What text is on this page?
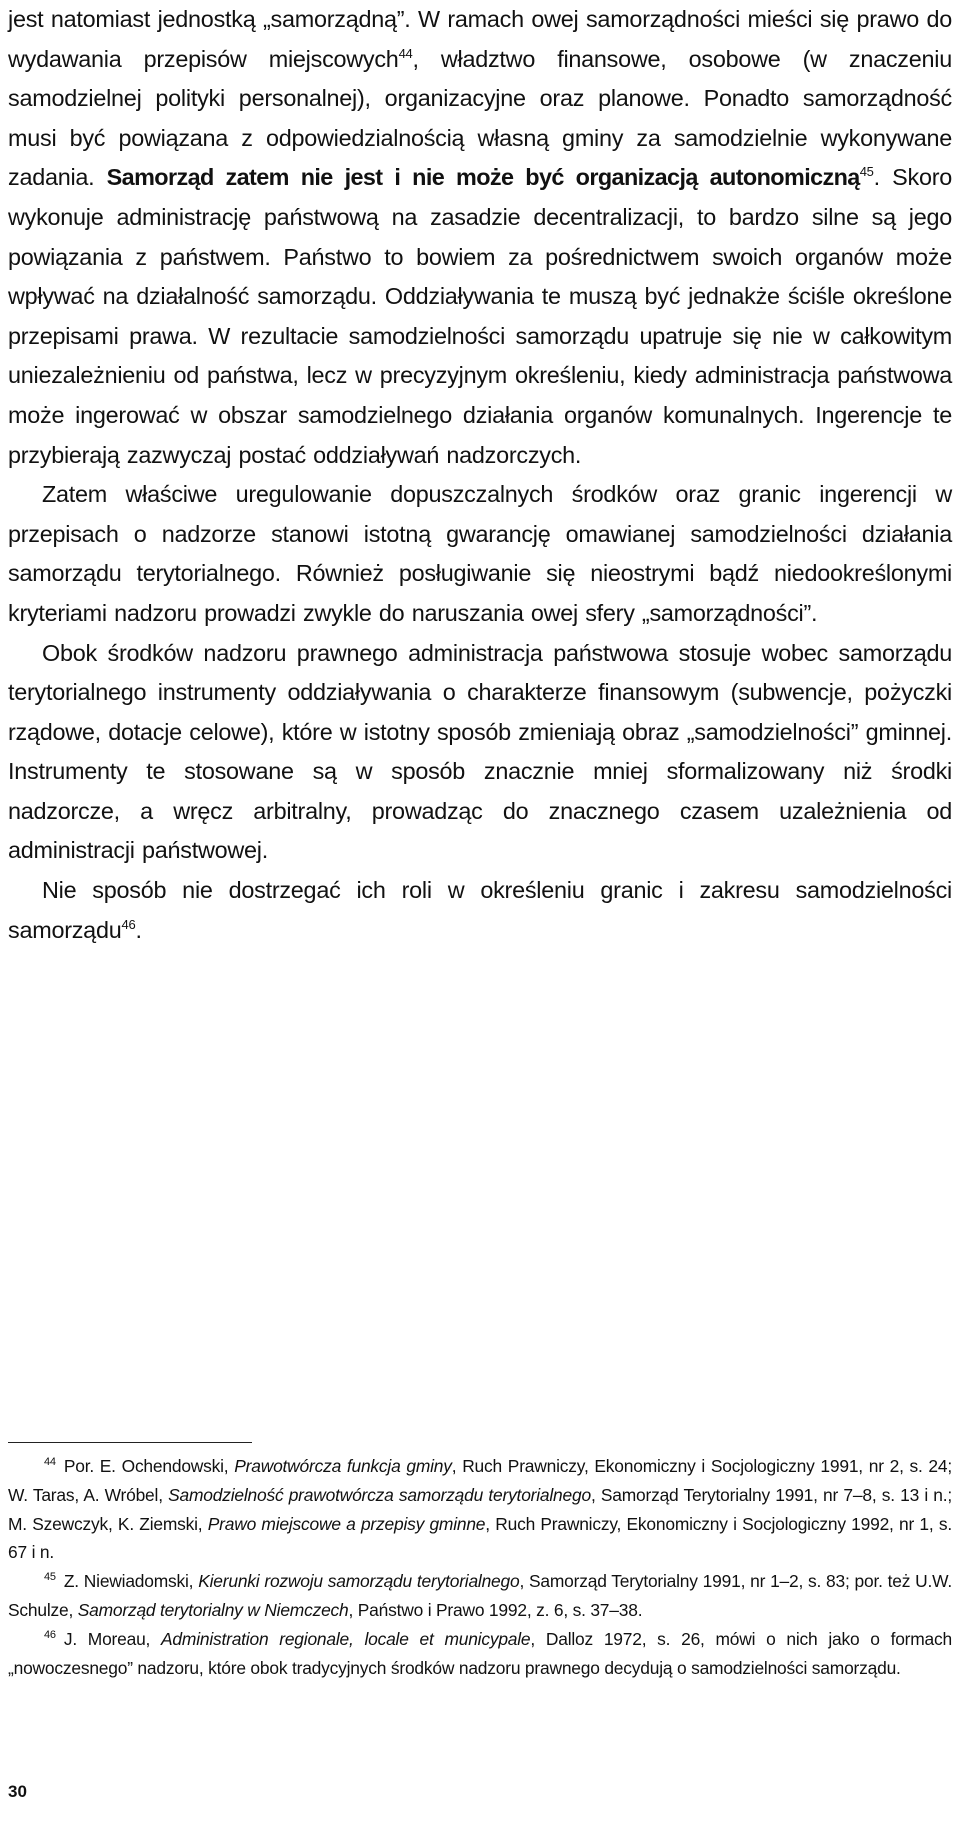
jest natomiast jednostką „samorządną”. W ramach owej samorządności mieści się prawo do wydawania przepisów miejscowych$^{44}$, władztwo finansowe, osobowe (w znaczeniu samodzielnej polityki personalnej), organizacyjne oraz planowe. Ponadto samorządność musi być powiązana z odpowiedzialnością własną gminy za samodzielnie wykonywane zadania. Samorząd zatem nie jest i nie może być organizacją autonomiczną$^{45}$. Skoro wykonuje administrację państwową na zasadzie decentralizacji, to bardzo silne są jego powiązania z państwem. Państwo to bowiem za pośrednictwem swoich organów może wpływać na działalność samorządu. Oddziaływania te muszą być jednakże ściśle określone przepisami prawa. W rezultacie samodzielności samorządu upatruje się nie w całkowitym uniezależnieniu od państwa, lecz w precyzyjnym określeniu, kiedy administracja państwowa może ingerować w obszar samodzielnego działania organów komunalnych. Ingerencje te przybierają zazwyczaj postać oddziaływań nadzorczych.

Zatem właściwe uregulowanie dopuszczalnych środków oraz granic ingerencji w przepisach o nadzorze stanowi istotną gwarancję omawianej samodzielności działania samorządu terytorialnego. Również posługiwanie się nieostrymi bądź niedookreślonymi kryteriami nadzoru prowadzi zwykle do naruszania owej sfery „samorządności”.

Obok środków nadzoru prawnego administracja państwowa stosuje wobec samorządu terytorialnego instrumenty oddziaływania o charakterze finansowym (subwencje, pożyczki rządowe, dotacje celowe), które w istotny sposób zmieniają obraz „samodzielności” gminnej. Instrumenty te stosowane są w sposób znacznie mniej sformalizowany niż środki nadzorcze, a wręcz arbitralny, prowadząc do znacznego czasem uzależnienia od administracji państwowej.

Nie sposób nie dostrzegać ich roli w określeniu granic i zakresu samodzielności samorządu$^{46}$.

$^{44}$ Por. E. Ochendowski, Prawotwórcza funkcja gminy, Ruch Prawniczy, Ekonomiczny i Socjologiczny 1991, nr 2, s. 24; W. Taras, A. Wróbel, Samodzielność prawotwórcza samorządu terytorialnego, Samorząd Terytorialny 1991, nr 7–8, s. 13 i n.; M. Szewczyk, K. Ziemski, Prawo miejscowe a przepisy gminne, Ruch Prawniczy, Ekonomiczny i Socjologiczny 1992, nr 1, s. 67 i n.

$^{45}$ Z. Niewiadomski, Kierunki rozwoju samorządu terytorialnego, Samorząd Terytorialny 1991, nr 1–2, s. 83; por. też U.W. Schulze, Samorząd terytorialny w Niemczech, Państwo i Prawo 1992, z. 6, s. 37–38.

$^{46}$ J. Moreau, Administration regionale, locale et municypale, Dalloz 1972, s. 26, mówi o nich jako o formach „nowoczesnego” nadzoru, które obok tradycyjnych środków nadzoru prawnego decydują o samodzielności samorządu.

30
